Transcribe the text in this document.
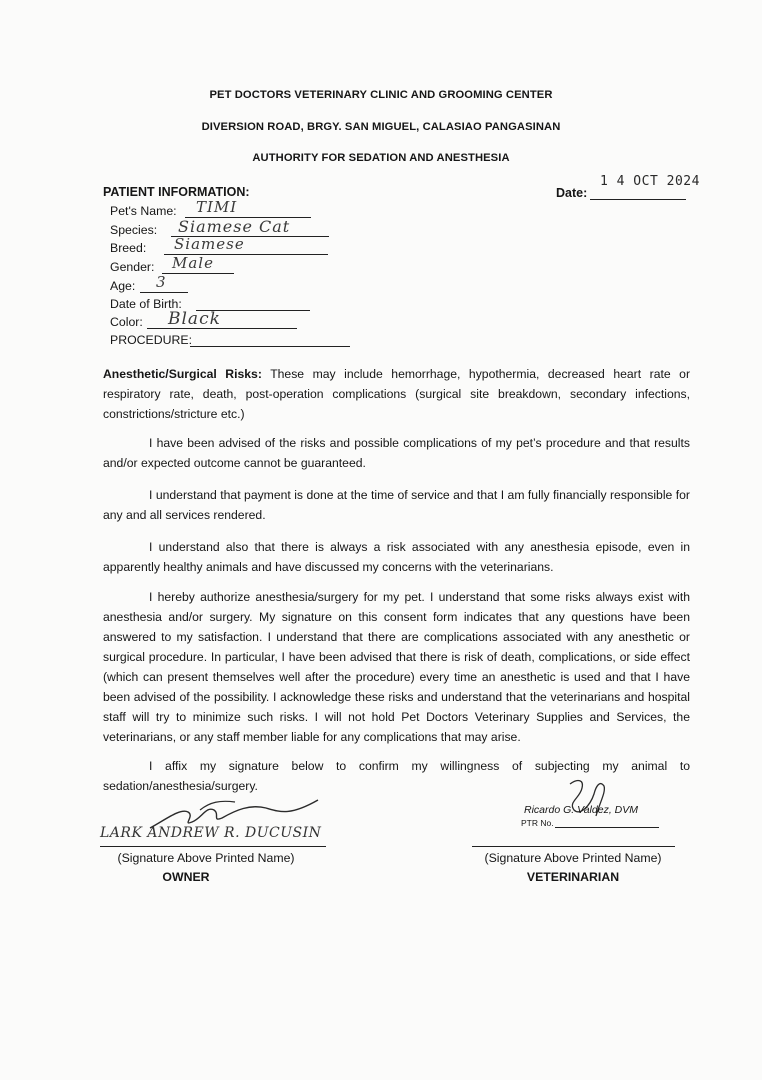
PET DOCTORS VETERINARY CLINIC AND GROOMING CENTER
DIVERSION ROAD, BRGY. SAN MIGUEL, CALASIAO PANGASINAN
AUTHORITY FOR SEDATION AND ANESTHESIA
PATIENT INFORMATION:	Date:
1 4 OCT 2024
Pet's Name: TIMI
Species: Siamese Cat
Breed: Siamese
Gender: Male
Age: 3
Date of Birth:
Color: Black
PROCEDURE:
Anesthetic/Surgical Risks: These may include hemorrhage, hypothermia, decreased heart rate or respiratory rate, death, post-operation complications (surgical site breakdown, secondary infections, constrictions/stricture etc.)
I have been advised of the risks and possible complications of my pet’s procedure and that results and/or expected outcome cannot be guaranteed.
I understand that payment is done at the time of service and that I am fully financially responsible for any and all services rendered.
I understand also that there is always a risk associated with any anesthesia episode, even in apparently healthy animals and have discussed my concerns with the veterinarians.
I hereby authorize anesthesia/surgery for my pet. I understand that some risks always exist with anesthesia and/or surgery. My signature on this consent form indicates that any questions have been answered to my satisfaction. I understand that there are complications associated with any anesthetic or surgical procedure. In particular, I have been advised that there is risk of death, complications, or side effect (which can present themselves well after the procedure) every time an anesthetic is used and that I have been advised of the possibility. I acknowledge these risks and understand that the veterinarians and hospital staff will try to minimize such risks. I will not hold Pet Doctors Veterinary Supplies and Services, the veterinarians, or any staff member liable for any complications that may arise.
I affix my signature below to confirm my willingness of subjecting my animal to sedation/anesthesia/surgery.
LARK ANDREW R. DUCUSIN
(Signature Above Printed Name)
OWNER
Ricardo G. Valdez, DVM
PTR No.
(Signature Above Printed Name)
VETERINARIAN
